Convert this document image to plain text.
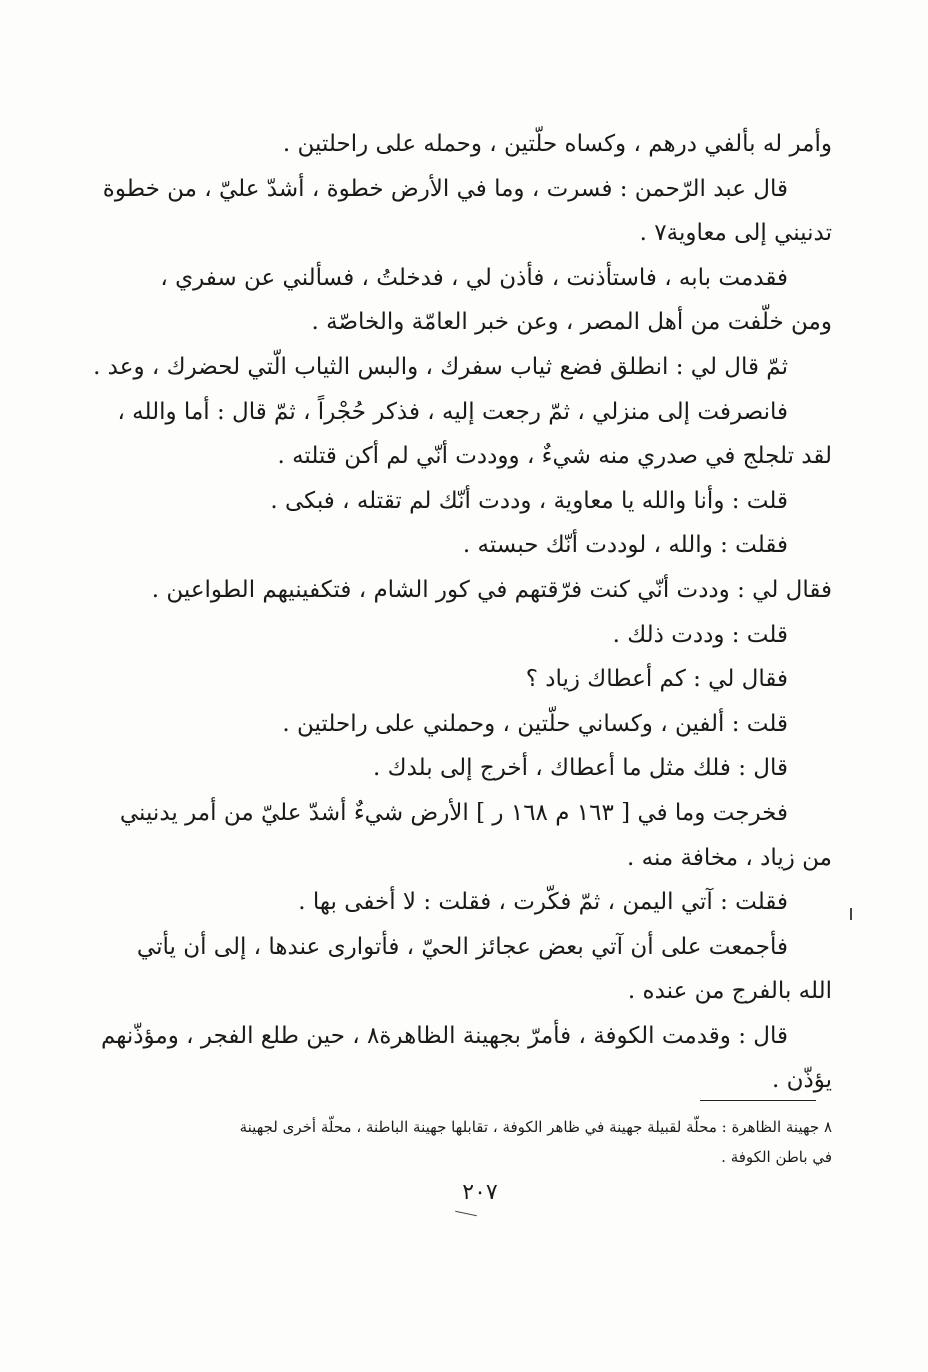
وأمر له بألفي درهم ، وكساه حلّتين ، وحمله على راحلتين .
قال عبد الرّحمن : فسرت ، وما في الأرض خطوة ، أشدّ عليّ ، من خطوة
تدنيني إلى معاوية٧ .
فقدمت بابه ، فاستأذنت ، فأذن لي ، فدخلتُ ، فسألني عن سفري ،
ومن خلّفت من أهل المصر ، وعن خبر العامّة والخاصّة .
ثمّ قال لي : انطلق فضع ثياب سفرك ، والبس الثياب الّتي لحضرك ، وعد .
فانصرفت إلى منزلي ، ثمّ رجعت إليه ، فذكر حُجْراً ، ثمّ قال : أما والله ،
لقد تلجلج في صدري منه شيءٌ ، ووددت أنّي لم أكن قتلته .
قلت : وأنا والله يا معاوية ، وددت أنّك لم تقتله ، فبكى .
فقلت : والله ، لوددت أنّك حبسته .
فقال لي : وددت أنّي كنت فرّقتهم في كور الشام ، فتكفينيهم الطواعين .
قلت : وددت ذلك .
فقال لي : كم أعطاك زياد ؟
قلت : ألفين ، وكساني حلّتين ، وحملني على راحلتين .
قال : فلك مثل ما أعطاك ، أخرج إلى بلدك .
فخرجت وما في [ ١٦٣ م ١٦٨ ر ] الأرض شيءٌ أشدّ عليّ من أمر يدنيني
من زياد ، مخافة منه .
فقلت : آتي اليمن ، ثمّ فكّرت ، فقلت : لا أخفى بها .
فأجمعت على أن آتي بعض عجائز الحيّ ، فأتوارى عندها ، إلى أن يأتي
الله بالفرج من عنده .
قال : وقدمت الكوفة ، فأمرّ بجهينة الظاهرة٨ ، حين طلع الفجر ، ومؤذّنهم
يؤذّن .
٨ جهينة الظاهرة : محلّة لقبيلة جهينة في ظاهر الكوفة ، تقابلها جهينة الباطنة ، محلّة أخرى لجهينة
في باطن الكوفة .
٢٠٧
